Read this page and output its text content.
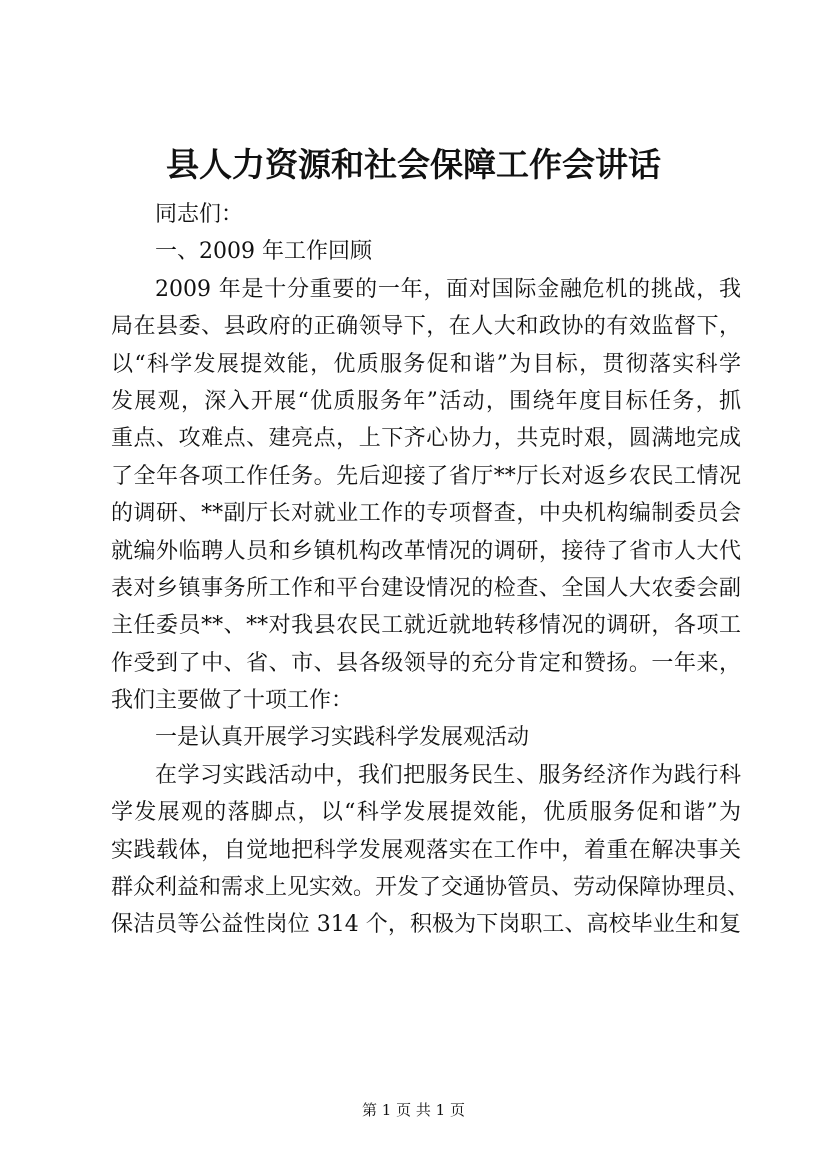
县人力资源和社会保障工作会讲话
同志们：
一、2009 年工作回顾
2009 年是十分重要的一年，面对国际金融危机的挑战，我
局在县委、县政府的正确领导下，在人大和政协的有效监督下，
以“科学发展提效能，优质服务促和谐”为目标，贯彻落实科学
发展观，深入开展“优质服务年”活动，围绕年度目标任务，抓
重点、攻难点、建亮点，上下齐心协力，共克时艰，圆满地完成
了全年各项工作任务。先后迎接了省厅**厅长对返乡农民工情况
的调研、**副厅长对就业工作的专项督查，中央机构编制委员会
就编外临聘人员和乡镇机构改革情况的调研，接待了省市人大代
表对乡镇事务所工作和平台建设情况的检查、全国人大农委会副
主任委员**、**对我县农民工就近就地转移情况的调研，各项工
作受到了中、省、市、县各级领导的充分肯定和赞扬。一年来，
我们主要做了十项工作：
一是认真开展学习实践科学发展观活动
在学习实践活动中，我们把服务民生、服务经济作为践行科
学发展观的落脚点，以“科学发展提效能，优质服务促和谐”为
实践载体，自觉地把科学发展观落实在工作中，着重在解决事关
群众利益和需求上见实效。开发了交通协管员、劳动保障协理员、
保洁员等公益性岗位 314 个，积极为下岗职工、高校毕业生和复
第 1 页 共 1 页
